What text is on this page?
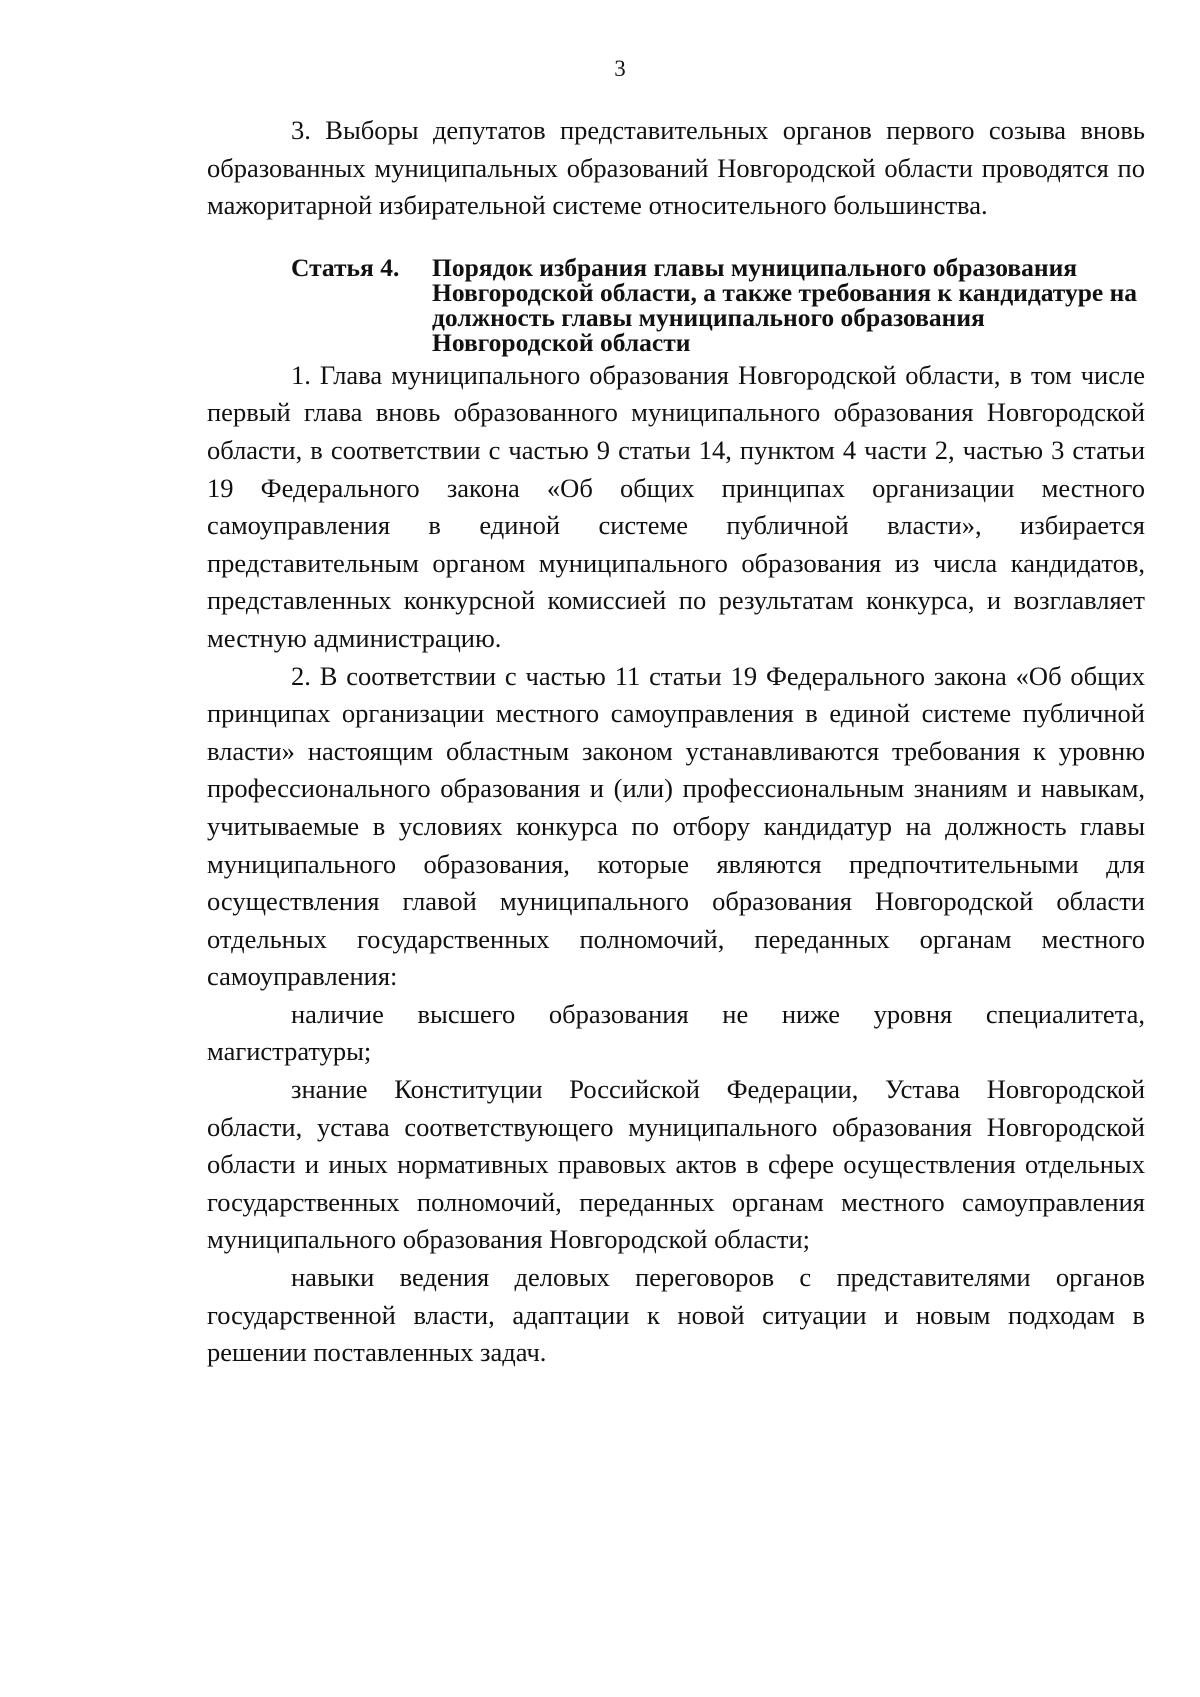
3

3. Выборы депутатов представительных органов первого созыва вновь образованных муниципальных образований Новгородской области проводятся по мажоритарной избирательной системе относительного большинства.

Статья 4.	Порядок избрания главы муниципального образования Новгородской области, а также требования к кандидатуре на должность главы муниципального образования Новгородской области

1. Глава муниципального образования Новгородской области, в том числе первый глава вновь образованного муниципального образования Новгородской области, в соответствии с частью 9 статьи 14, пунктом 4 части 2, частью 3 статьи 19 Федерального закона «Об общих принципах организации местного самоуправления в единой системе публичной власти», избирается представительным органом муниципального образования из числа кандидатов, представленных конкурсной комиссией по результатам конкурса, и возглавляет местную администрацию.

2. В соответствии с частью 11 статьи 19 Федерального закона «Об общих принципах организации местного самоуправления в единой системе публичной власти» настоящим областным законом устанавливаются требования к уровню профессионального образования и (или) профессиональным знаниям и навыкам, учитываемые в условиях конкурса по отбору кандидатур на должность главы муниципального образования, которые являются предпочтительными для осуществления главой муниципального образования Новгородской области отдельных государственных полномочий, переданных органам местного самоуправления:

наличие высшего образования не ниже уровня специалитета, магистратуры;

знание Конституции Российской Федерации, Устава Новгородской области, устава соответствующего муниципального образования Новгородской области и иных нормативных правовых актов в сфере осуществления отдельных государственных полномочий, переданных органам местного самоуправления муниципального образования Новгородской области;

навыки ведения деловых переговоров с представителями органов государственной власти, адаптации к новой ситуации и новым подходам в решении поставленных задач.
